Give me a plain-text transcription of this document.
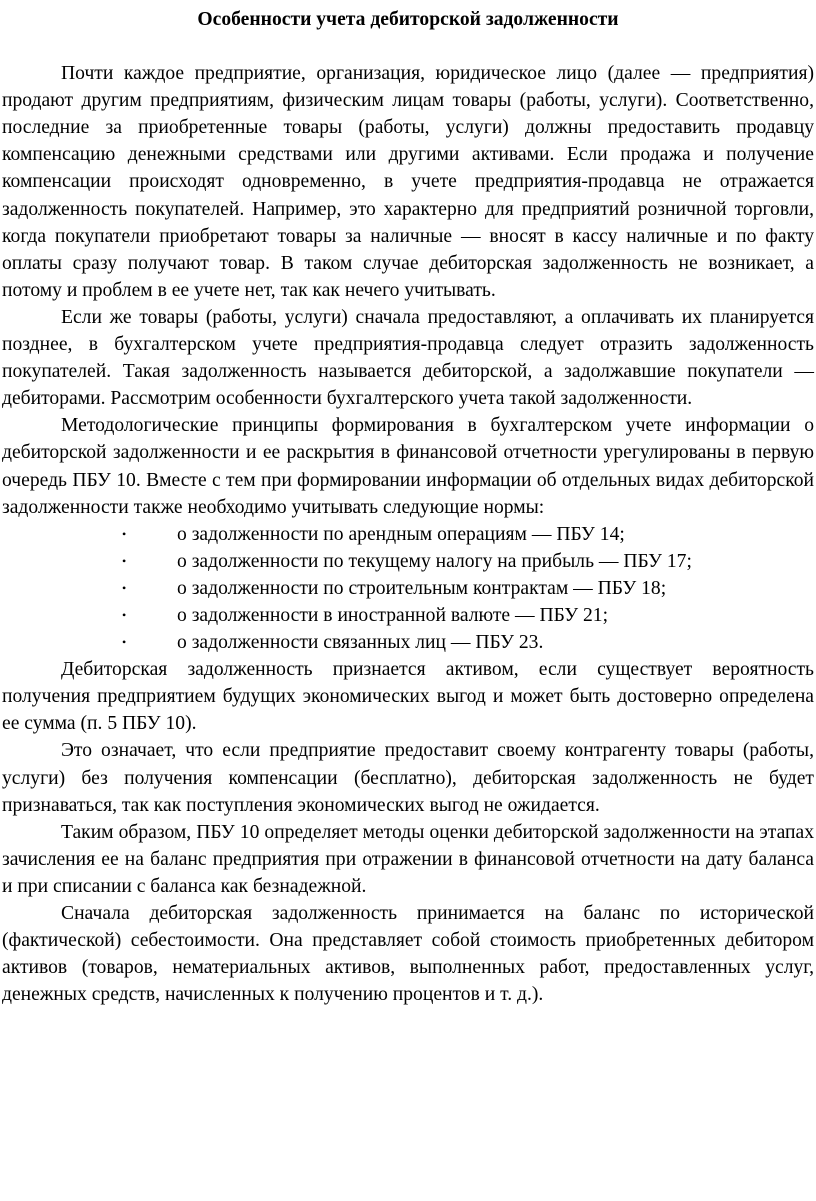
Особенности учета дебиторской задолженности

Почти каждое предприятие, организация, юридическое лицо (далее — предприятия) продают другим предприятиям, физическим лицам товары (работы, услуги). Соответственно, последние за приобретенные товары (работы, услуги) должны предоставить продавцу компенсацию денежными средствами или другими активами. Если продажа и получение компенсации происходят одновременно, в учете предприятия-продавца не отражается задолженность покупателей. Например, это характерно для предприятий розничной торговли, когда покупатели приобретают товары за наличные — вносят в кассу наличные и по факту оплаты сразу получают товар. В таком случае дебиторская задолженность не возникает, а потому и проблем в ее учете нет, так как нечего учитывать.

Если же товары (работы, услуги) сначала предоставляют, а оплачивать их планируется позднее, в бухгалтерском учете предприятия-продавца следует отразить задолженность покупателей. Такая задолженность называется дебиторской, а задолжавшие покупатели — дебиторами. Рассмотрим особенности бухгалтерского учета такой задолженности.

Методологические принципы формирования в бухгалтерском учете информации о дебиторской задолженности и ее раскрытия в финансовой отчетности урегулированы в первую очередь ПБУ 10. Вместе с тем при формировании информации об отдельных видах дебиторской задолженности также необходимо учитывать следующие нормы:

•	о задолженности по арендным операциям — ПБУ 14;
•	о задолженности по текущему налогу на прибыль — ПБУ 17;
•	о задолженности по строительным контрактам — ПБУ 18;
•	о задолженности в иностранной валюте — ПБУ 21;
•	о задолженности связанных лиц — ПБУ 23.

Дебиторская задолженность признается активом, если существует вероятность получения предприятием будущих экономических выгод и может быть достоверно определена ее сумма (п. 5 ПБУ 10).

Это означает, что если предприятие предоставит своему контрагенту товары (работы, услуги) без получения компенсации (бесплатно), дебиторская задолженность не будет признаваться, так как поступления экономических выгод не ожидается.

Таким образом, ПБУ 10 определяет методы оценки дебиторской задолженности на этапах зачисления ее на баланс предприятия при отражении в финансовой отчетности на дату баланса и при списании с баланса как безнадежной.

Сначала дебиторская задолженность принимается на баланс по исторической (фактической) себестоимости. Она представляет собой стоимость приобретенных дебитором активов (товаров, нематериальных активов, выполненных работ, предоставленных услуг, денежных средств, начисленных к получению процентов и т. д.).
